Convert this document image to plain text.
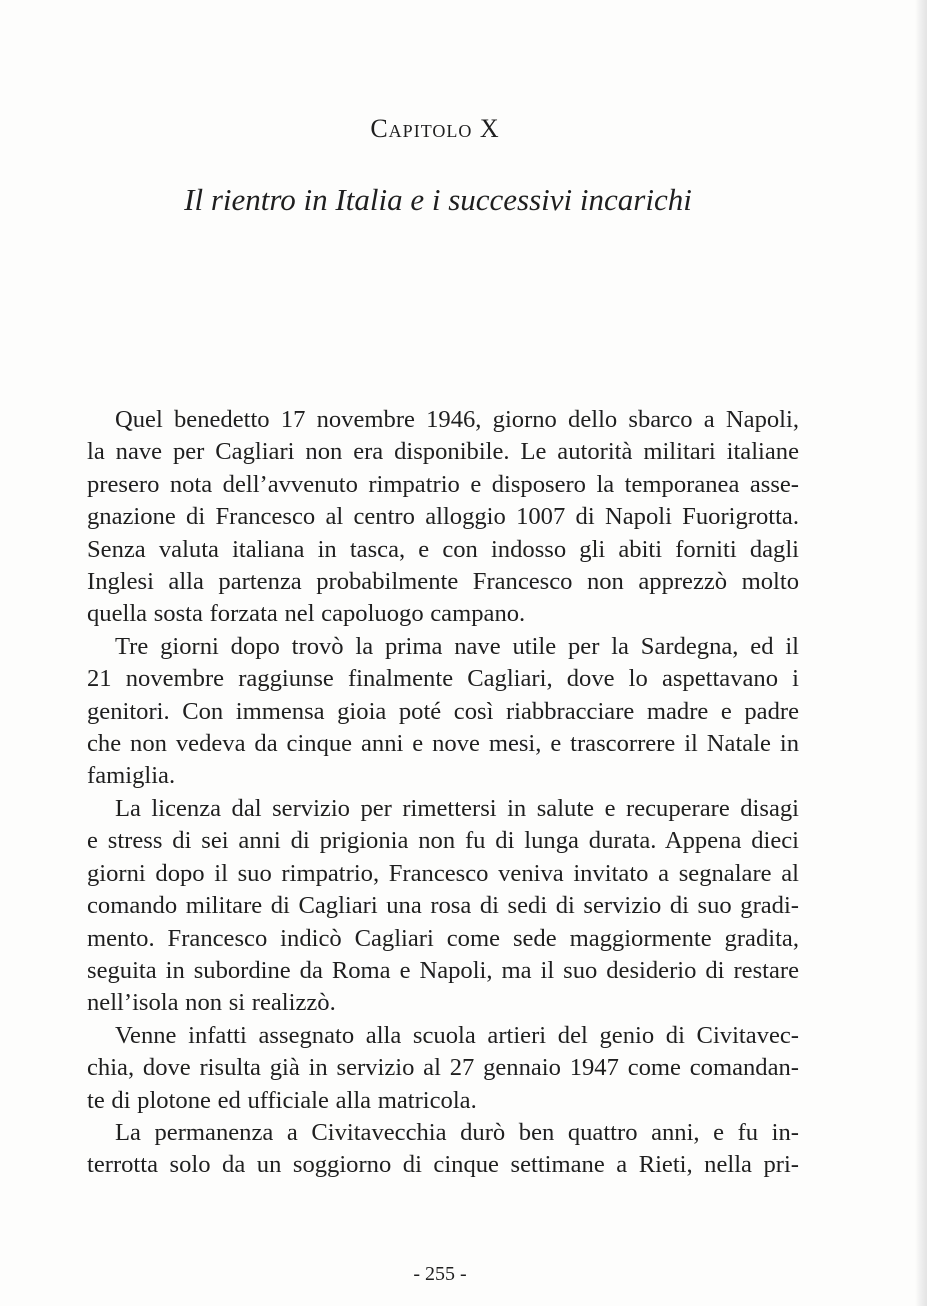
Capitolo X
Il rientro in Italia e i successivi incarichi
Quel benedetto 17 novembre 1946, giorno dello sbarco a Napoli,
la nave per Cagliari non era disponibile. Le autorità militari italiane
presero nota dell’avvenuto rimpatrio e disposero la temporanea asse-
gnazione di Francesco al centro alloggio 1007 di Napoli Fuorigrotta.
Senza valuta italiana in tasca, e con indosso gli abiti forniti dagli
Inglesi alla partenza probabilmente Francesco non apprezzò molto
quella sosta forzata nel capoluogo campano.
Tre giorni dopo trovò la prima nave utile per la Sardegna, ed il
21 novembre raggiunse finalmente Cagliari, dove lo aspettavano i
genitori. Con immensa gioia poté così riabbracciare madre e padre
che non vedeva da cinque anni e nove mesi, e trascorrere il Natale in
famiglia.
La licenza dal servizio per rimettersi in salute e recuperare disagi
e stress di sei anni di prigionia non fu di lunga durata. Appena dieci
giorni dopo il suo rimpatrio, Francesco veniva invitato a segnalare al
comando militare di Cagliari una rosa di sedi di servizio di suo gradi-
mento. Francesco indicò Cagliari come sede maggiormente gradita,
seguita in subordine da Roma e Napoli, ma il suo desiderio di restare
nell’isola non si realizzò.
Venne infatti assegnato alla scuola artieri del genio di Civitavec-
chia, dove risulta già in servizio al 27 gennaio 1947 come comandan-
te di plotone ed ufficiale alla matricola.
La permanenza a Civitavecchia durò ben quattro anni, e fu in-
terrotta solo da un soggiorno di cinque settimane a Rieti, nella pri-
- 255 -
